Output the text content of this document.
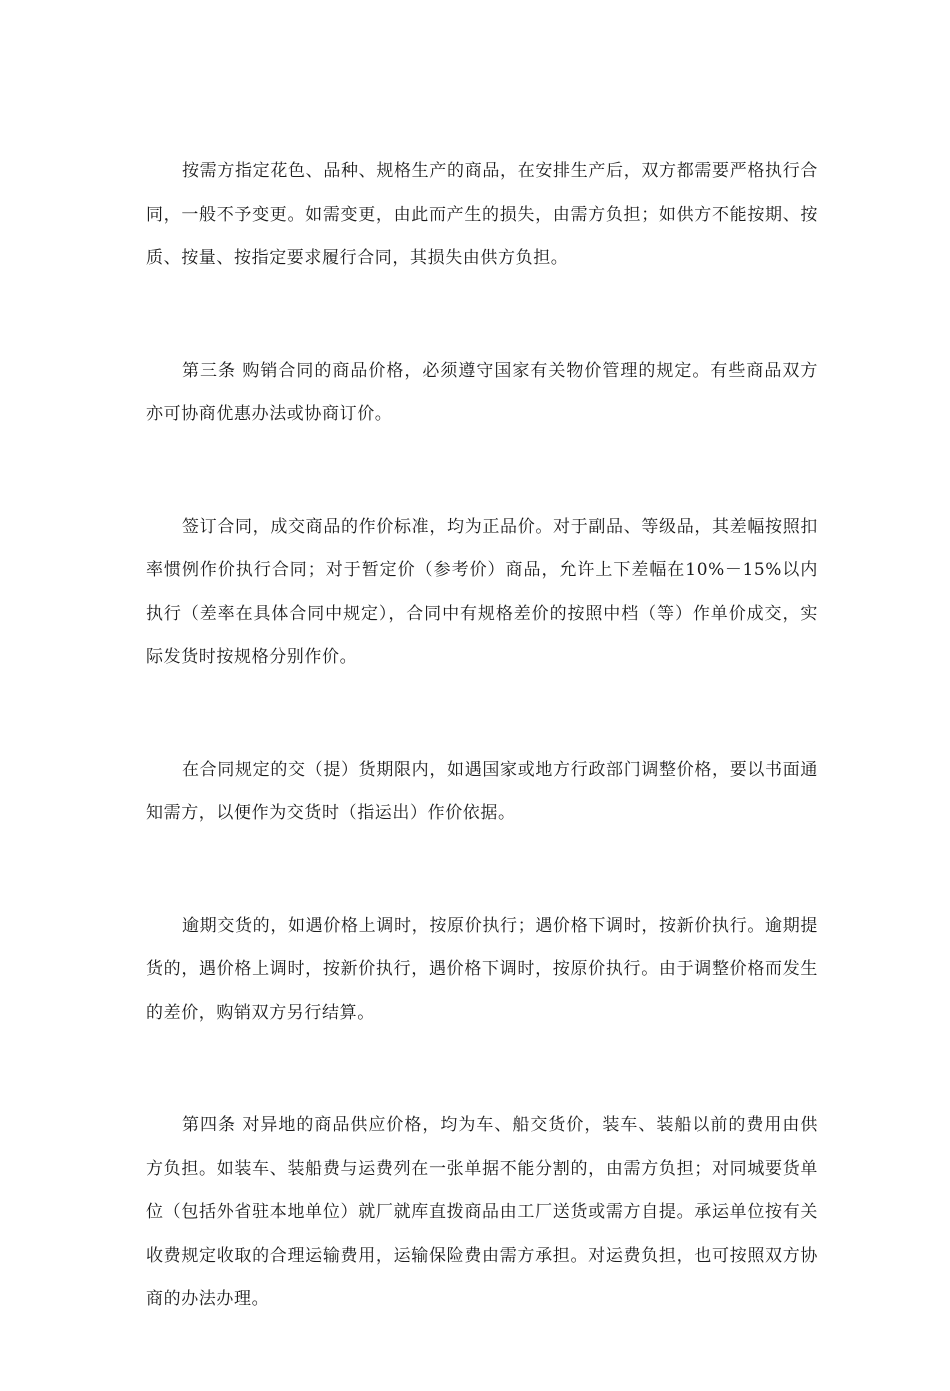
按需方指定花色、品种、规格生产的商品，在安排生产后，双方都需要严格执行合同，一般不予变更。如需变更，由此而产生的损失，由需方负担；如供方不能按期、按质、按量、按指定要求履行合同，其损失由供方负担。

第三条 购销合同的商品价格，必须遵守国家有关物价管理的规定。有些商品双方亦可协商优惠办法或协商订价。

签订合同，成交商品的作价标准，均为正品价。对于副品、等级品，其差幅按照扣率惯例作价执行合同；对于暂定价（参考价）商品，允许上下差幅在10%－15%以内执行（差率在具体合同中规定），合同中有规格差价的按照中档（等）作单价成交，实际发货时按规格分别作价。

在合同规定的交（提）货期限内，如遇国家或地方行政部门调整价格，要以书面通知需方，以便作为交货时（指运出）作价依据。

逾期交货的，如遇价格上调时，按原价执行；遇价格下调时，按新价执行。逾期提货的，遇价格上调时，按新价执行，遇价格下调时，按原价执行。由于调整价格而发生的差价，购销双方另行结算。

第四条 对异地的商品供应价格，均为车、船交货价，装车、装船以前的费用由供方负担。如装车、装船费与运费列在一张单据不能分割的，由需方负担；对同城要货单位（包括外省驻本地单位）就厂就库直拨商品由工厂送货或需方自提。承运单位按有关收费规定收取的合理运输费用，运输保险费由需方承担。对运费负担，也可按照双方协商的办法办理。
